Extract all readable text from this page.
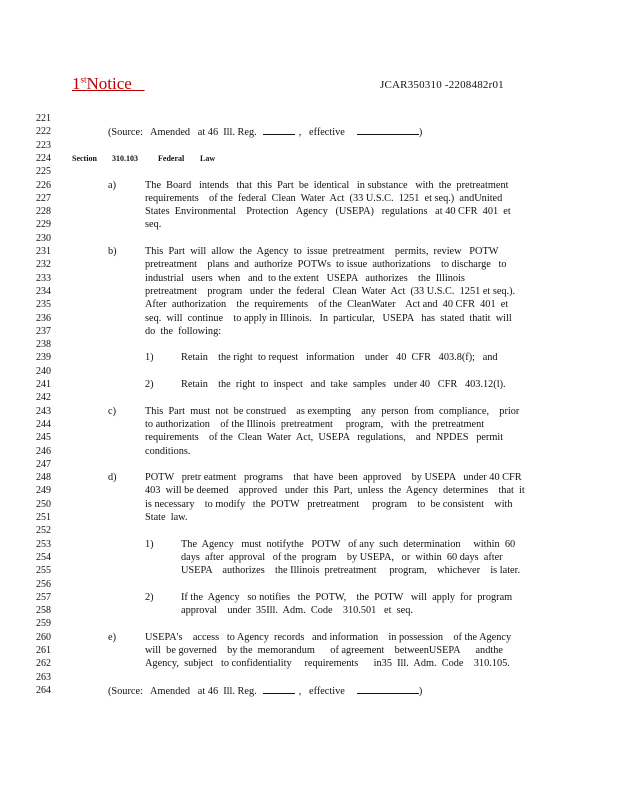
1stNotice	JCAR350310 -2208482r01
221
222	(Source:   Amended   at 46  Ill. Reg.	,   effective	)
223
224	Section 310.103	Federal Law
225
226	a)	The  Board   intends   that  this  Part  be  identical   in substance   with  the  pretreatment
227	requirements    of the  federal  Clean  Water  Act  (33 U.S.C.  1251  et seq.)  andUnited
228	States  Environmental    Protection   Agency   (USEPA)   regulations   at 40 CFR  401  et
229	seq.
230
231	b)	This  Part  will  allow  the  Agency  to  issue  pretreatment    permits,  review   POTW
232	pretreatment    plans  and  authorize  POTWs  to issue  authorizations    to discharge   to
233	industrial   users  when   and  to the extent   USEPA   authorizes    the  Illinois
234	pretreatment    program   under  the  federal   Clean  Water  Act  (33 U.S.C.  1251 et seq.).
235	After  authorization    the  requirements    of the  CleanWater    Act and  40 CFR  401  et
236	seq.  will  continue    to apply in Illinois.   In  particular,   USEPA   has  stated  thatit  will
237	do  the  following:
238
239	1)	Retain    the right  to request   information    under   40  CFR   403.8(f);   and
240
241	2)	Retain    the  right  to  inspect   and  take  samples   under 40   CFR   403.12(l).
242
243	c)	This  Part  must  not  be construed    as exempting    any  person  from  compliance,    prior
244	to authorization    of the Illinois  pretreatment     program,   with  the  pretreatment
245	requirements    of the  Clean  Water  Act,  USEPA   regulations,    and  NPDES   permit
246	conditions.
247
248	d)	POTW   pretr eatment   programs    that  have  been  approved    by USEPA   under 40 CFR
249	403  will be deemed    approved   under  this  Part,  unless  the  Agency  determines    that  it
250	is necessary    to modify   the  POTW   pretreatment     program    to  be consistent    with
251	State  law.
252
253	1)	The  Agency   must  notifythe   POTW   of any  such  determination     within  60
254	days  after  approval   of the  program    by USEPA,   or  within  60 days  after
255	USEPA    authorizes    the Illinois  pretreatment     program,    whichever    is later.
256
257	2)	If the  Agency   so notifies   the  POTW,    the  POTW   will  apply  for  program
258	approval    under  35Ill.  Adm.  Code    310.501   et  seq.
259
260	e)	USEPA's    access   to Agency  records   and information    in possession    of the Agency
261	will  be governed    by the  memorandum      of agreement    betweenUSEPA      andthe
262	Agency,  subject   to confidentiality     requirements      in35  Ill.  Adm.  Code    310.105.
263
264	(Source:   Amended   at 46  Ill. Reg.	,   effective	)
